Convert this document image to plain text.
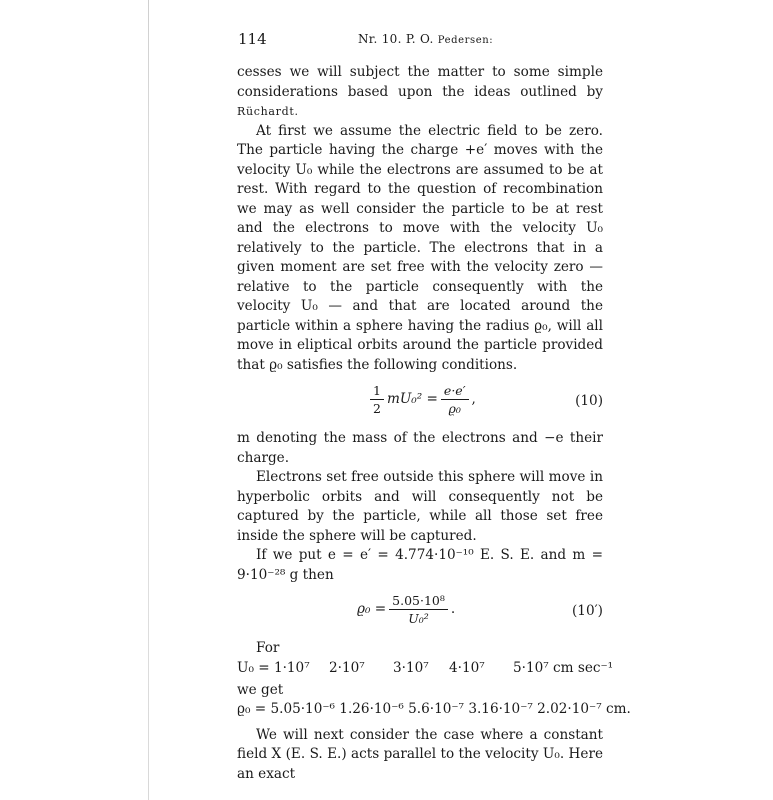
114	Nr. 10. P. O. Pedersen:

cesses we will subject the matter to some simple considerations based upon the ideas outlined by Rüchardt.

At first we assume the electric field to be zero. The particle having the charge +e′ moves with the velocity U₀ while the electrons are assumed to be at rest. With regard to the question of recombination we may as well consider the particle to be at rest and the electrons to move with the velocity U₀ relatively to the particle. The electrons that in a given moment are set free with the velocity zero — relative to the particle consequently with the velocity U₀ — and that are located around the particle within a sphere having the radius ϱ₀, will all move in eliptical orbits around the particle provided that ϱ₀ satisfies the following conditions.

$\frac{1}{2} mU_0^2 = \frac{e\cdot e'}{\text{ϱ₀}}$ ,	(10)

m denoting the mass of the electrons and −e their charge.

Electrons set free outside this sphere will move in hyperbolic orbits and will consequently not be captured by the particle, while all those set free inside the sphere will be captured.

If we put e = e′ = 4.774·10⁻¹⁰ E. S. E. and m = 9·10⁻²⁸ g then

$ϱ_0 = \frac{\text{5.05·10⁸}}{\text{U₀²}}$ .	(10′)
For
U₀ = 1·10⁷ 2·10⁷ 3·10⁷ 4·10⁷ 5·10⁷ cm sec⁻¹
we get
ϱ₀ = 5.05·10⁻⁶ 1.26·10⁻⁶ 5.6·10⁻⁷ 3.16·10⁻⁷ 2.02·10⁻⁷ cm.

We will next consider the case where a constant field X (E. S. E.) acts parallel to the velocity U₀. Here an exact
